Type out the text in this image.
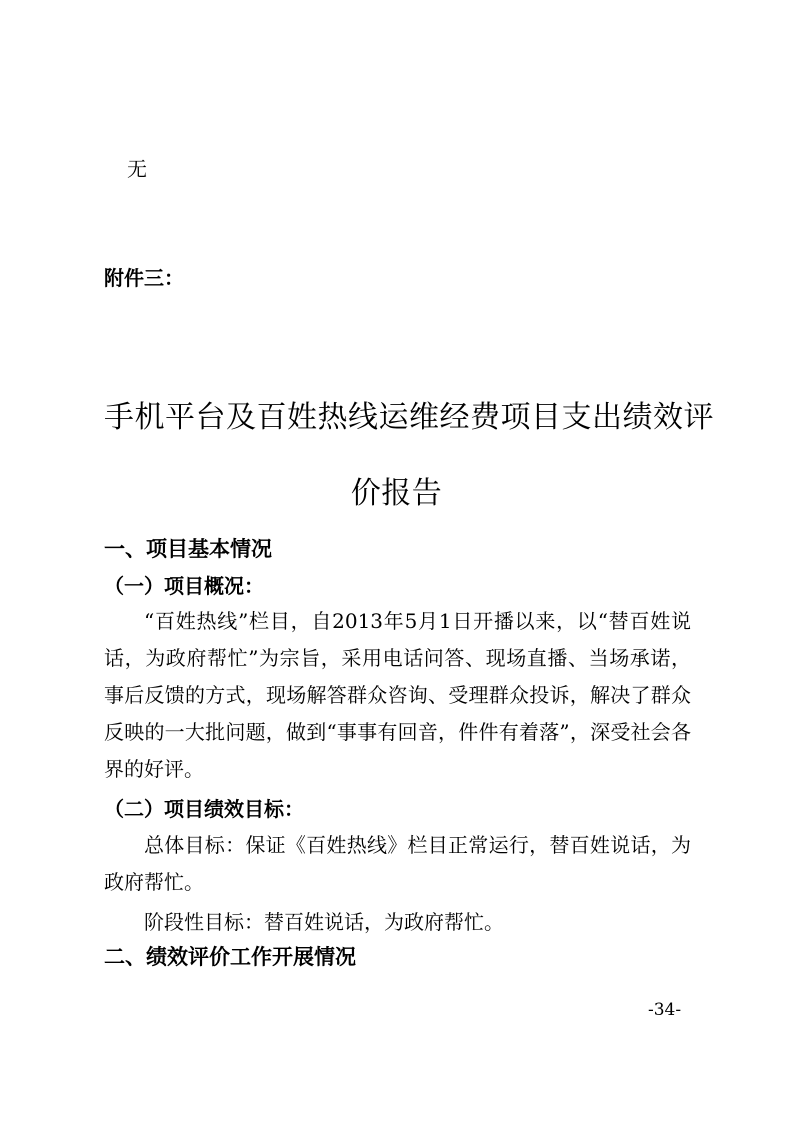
无

附件三：

手机平台及百姓热线运维经费项目支出绩效评
价报告
一、项目基本情况
（一）项目概况：

“百姓热线”栏目，自2013年5月1日开播以来，以“替百姓说话，为政府帮忙”为宗旨，采用电话问答、现场直播、当场承诺，事后反馈的方式，现场解答群众咨询、受理群众投诉，解决了群众反映的一大批问题，做到“事事有回音，件件有着落”，深受社会各界的好评。

（二）项目绩效目标：

总体目标：保证《百姓热线》栏目正常运行，替百姓说话，为政府帮忙。

阶段性目标：替百姓说话，为政府帮忙。

二、绩效评价工作开展情况

-34-
